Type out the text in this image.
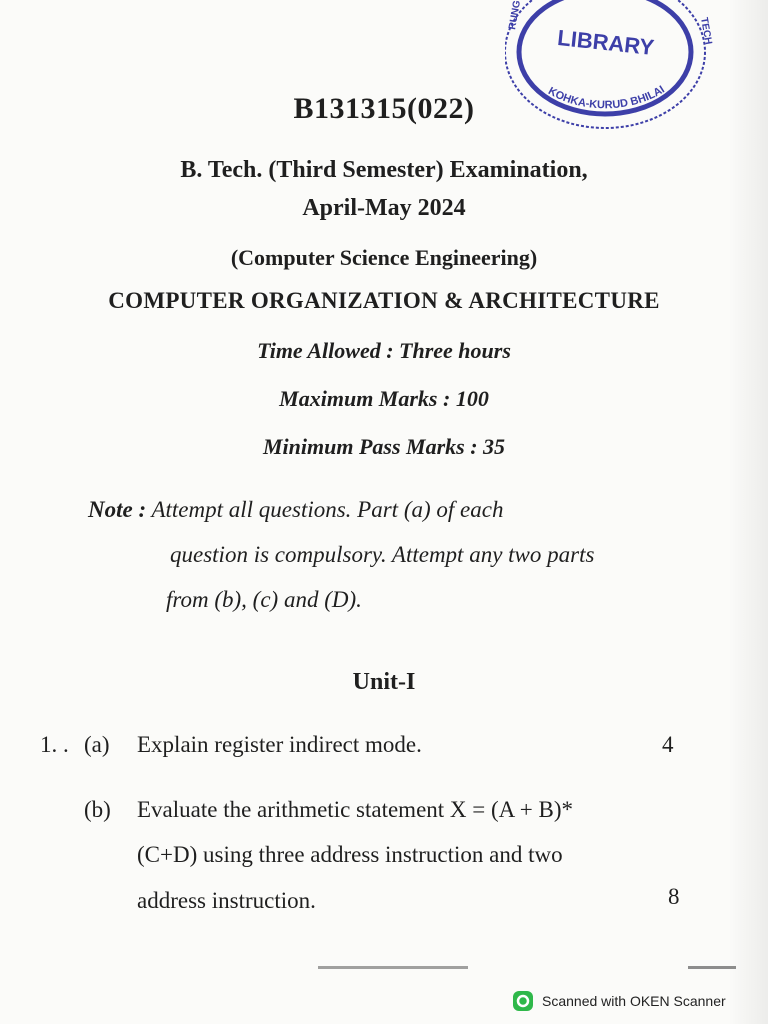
LIBRARY
KOHKA-KURUD BHILAI
RUNG
TECH
B131315(022)
B. Tech. (Third Semester) Examination,
April-May 2024
(Computer Science Engineering)
COMPUTER ORGANIZATION & ARCHITECTURE
Time Allowed : Three hours
Maximum Marks : 100
Minimum Pass Marks : 35
Note : Attempt all questions. Part (a) of each
question is compulsory. Attempt any two parts
from (b), (c) and (D).
Unit-I
1. . (a) Explain register indirect mode.	4
(b) Evaluate the arithmetic statement X = (A + B)*
(C+D) using three address instruction and two
address instruction.	8
Scanned with OKEN Scanner
